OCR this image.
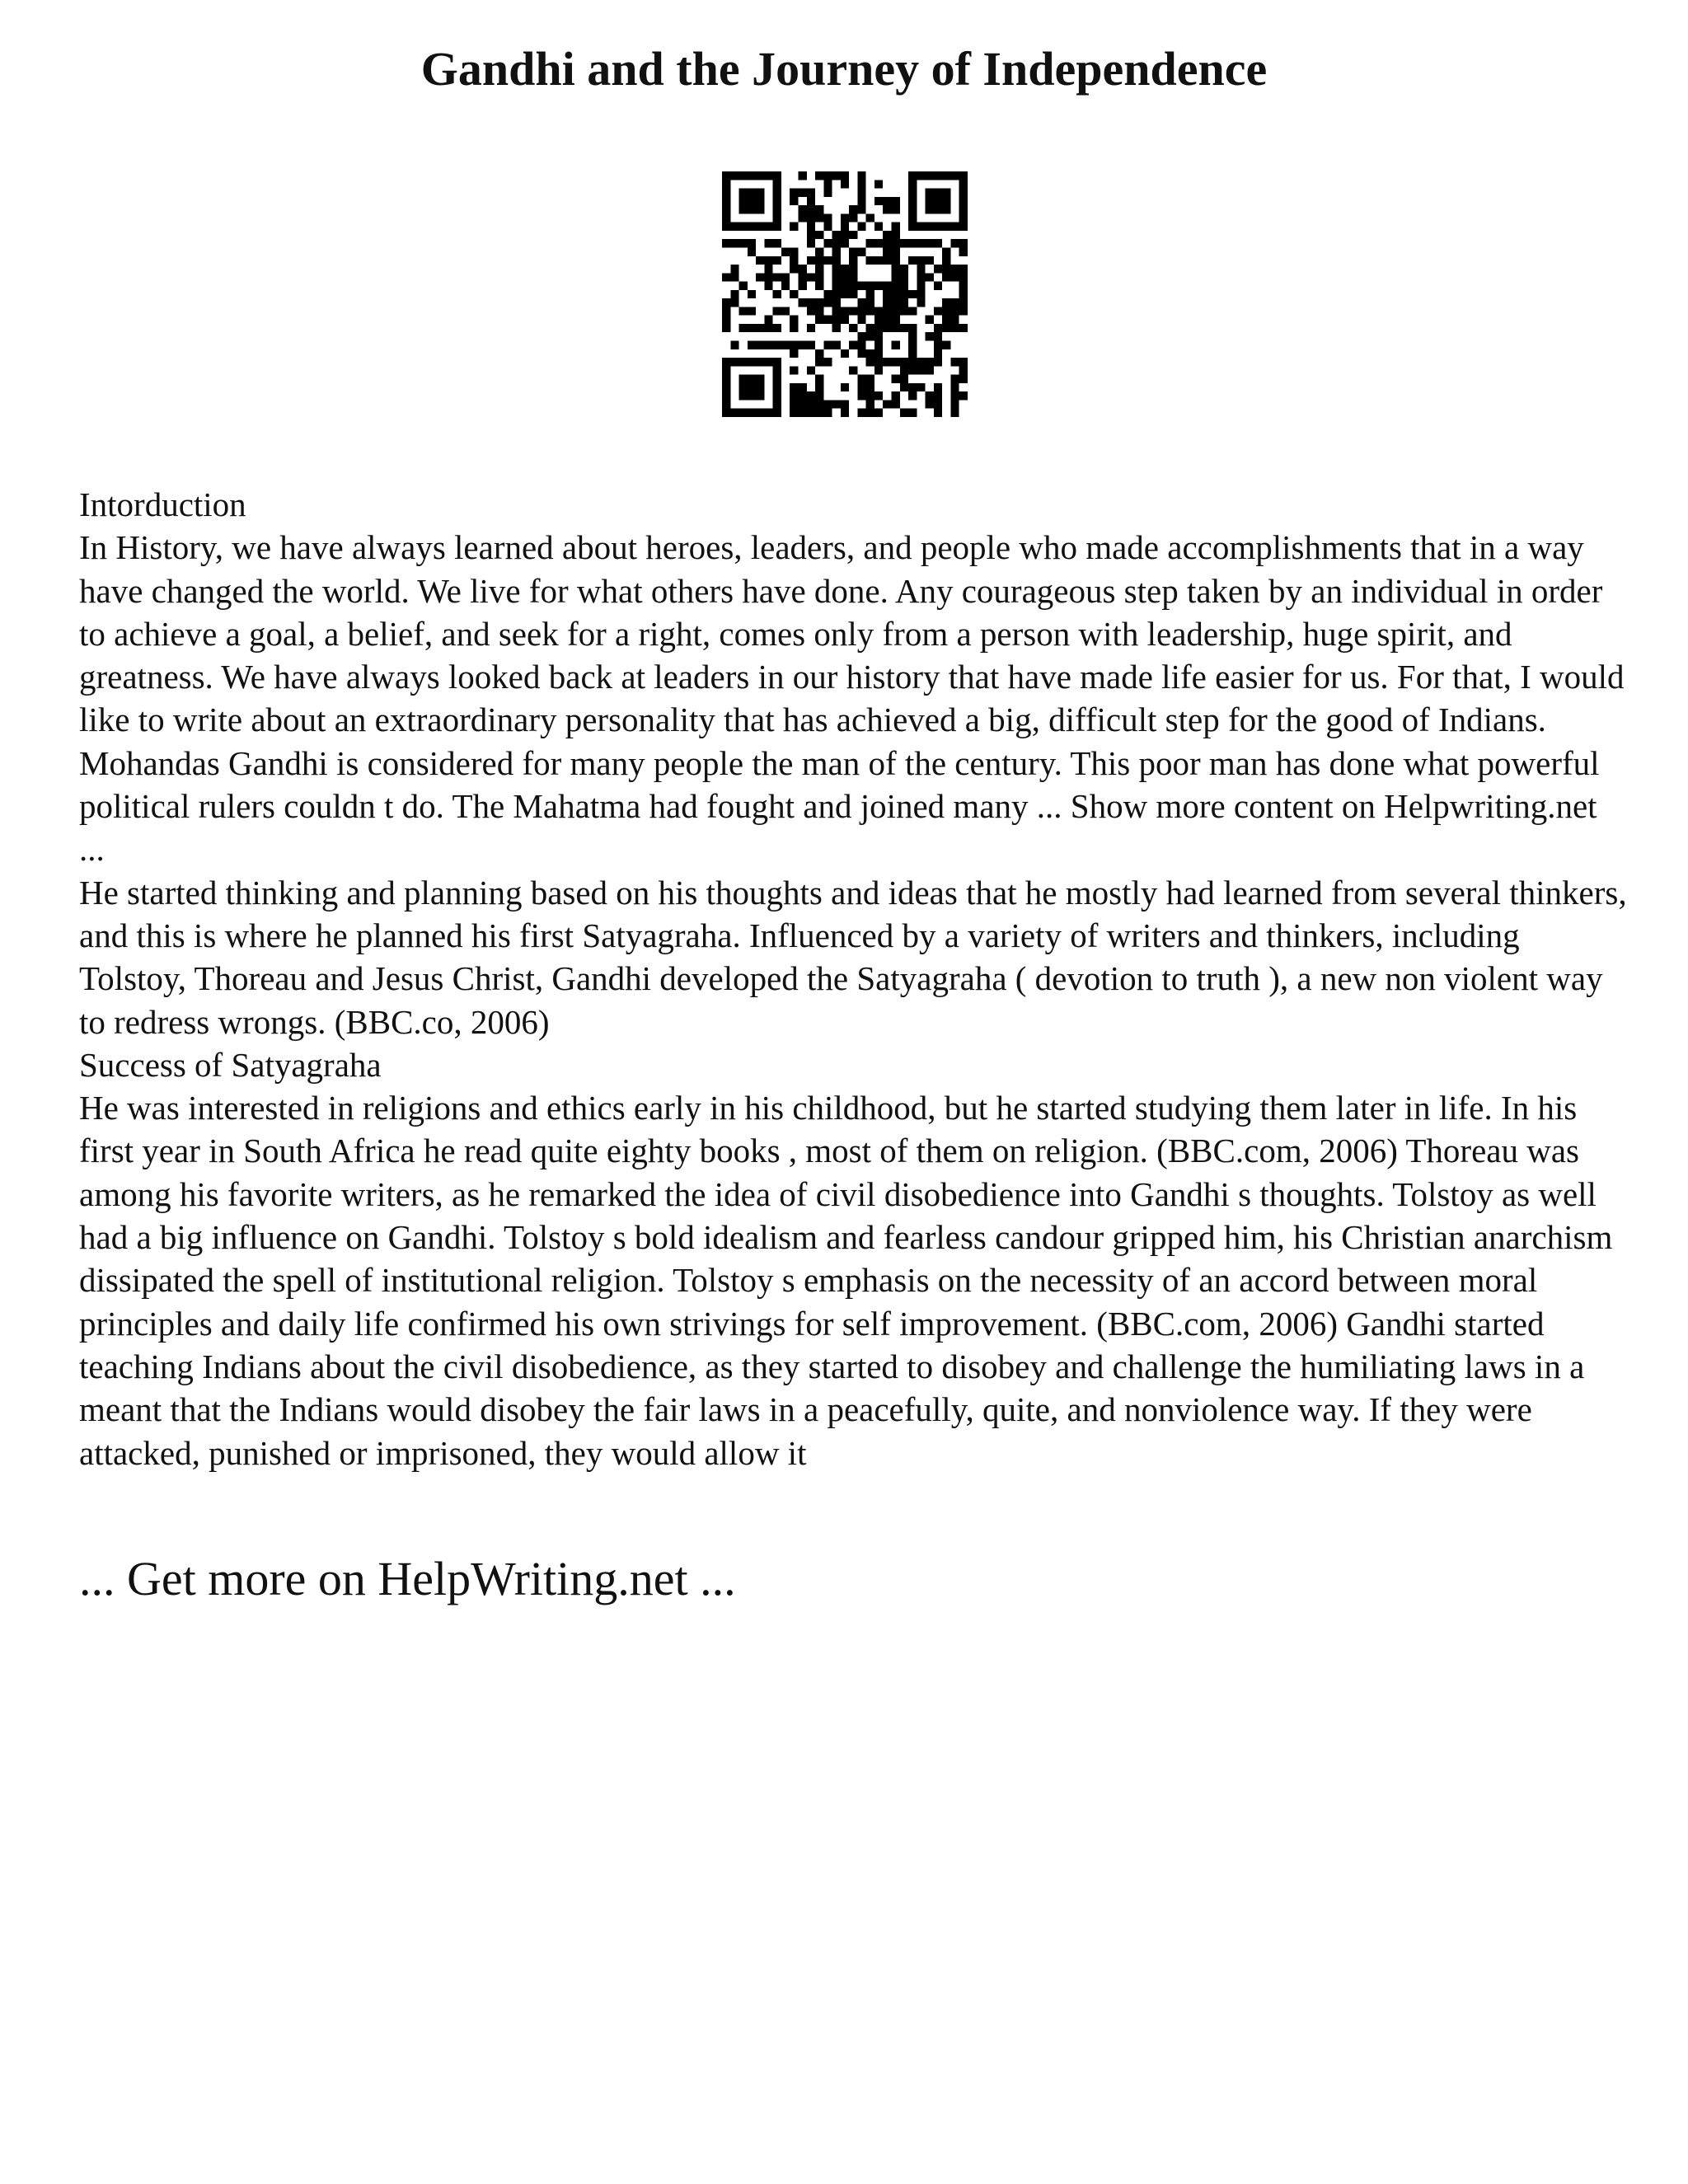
Gandhi and the Journey of Independence

Intorduction

In History, we have always learned about heroes, leaders, and people who made accomplishments that in a way have changed the world. We live for what others have done. Any courageous step taken by an individual in order to achieve a goal, a belief, and seek for a right, comes only from a person with leadership, huge spirit, and greatness. We have always looked back at leaders in our history that have made life easier for us. For that, I would like to write about an extraordinary personality that has achieved a big, difficult step for the good of Indians. Mohandas Gandhi is considered for many people the man of the century. This poor man has done what powerful political rulers couldn t do. The Mahatma had fought and joined many ... Show more content on Helpwriting.net ...

He started thinking and planning based on his thoughts and ideas that he mostly had learned from several thinkers, and this is where he planned his first Satyagraha. Influenced by a variety of writers and thinkers, including Tolstoy, Thoreau and Jesus Christ, Gandhi developed the Satyagraha ( devotion to truth ), a new non violent way to redress wrongs. (BBC.co, 2006)

Success of Satyagraha

He was interested in religions and ethics early in his childhood, but he started studying them later in life. In his first year in South Africa he read quite eighty books , most of them on religion. (BBC.com, 2006) Thoreau was among his favorite writers, as he remarked the idea of civil disobedience into Gandhi s thoughts. Tolstoy as well had a big influence on Gandhi. Tolstoy s bold idealism and fearless candour gripped him, his Christian anarchism dissipated the spell of institutional religion. Tolstoy s emphasis on the necessity of an accord between moral principles and daily life confirmed his own strivings for self improvement. (BBC.com, 2006) Gandhi started teaching Indians about the civil disobedience, as they started to disobey and challenge the humiliating laws in a meant that the Indians would disobey the fair laws in a peacefully, quite, and nonviolence way. If they were attacked, punished or imprisoned, they would allow it

... Get more on HelpWriting.net ...
